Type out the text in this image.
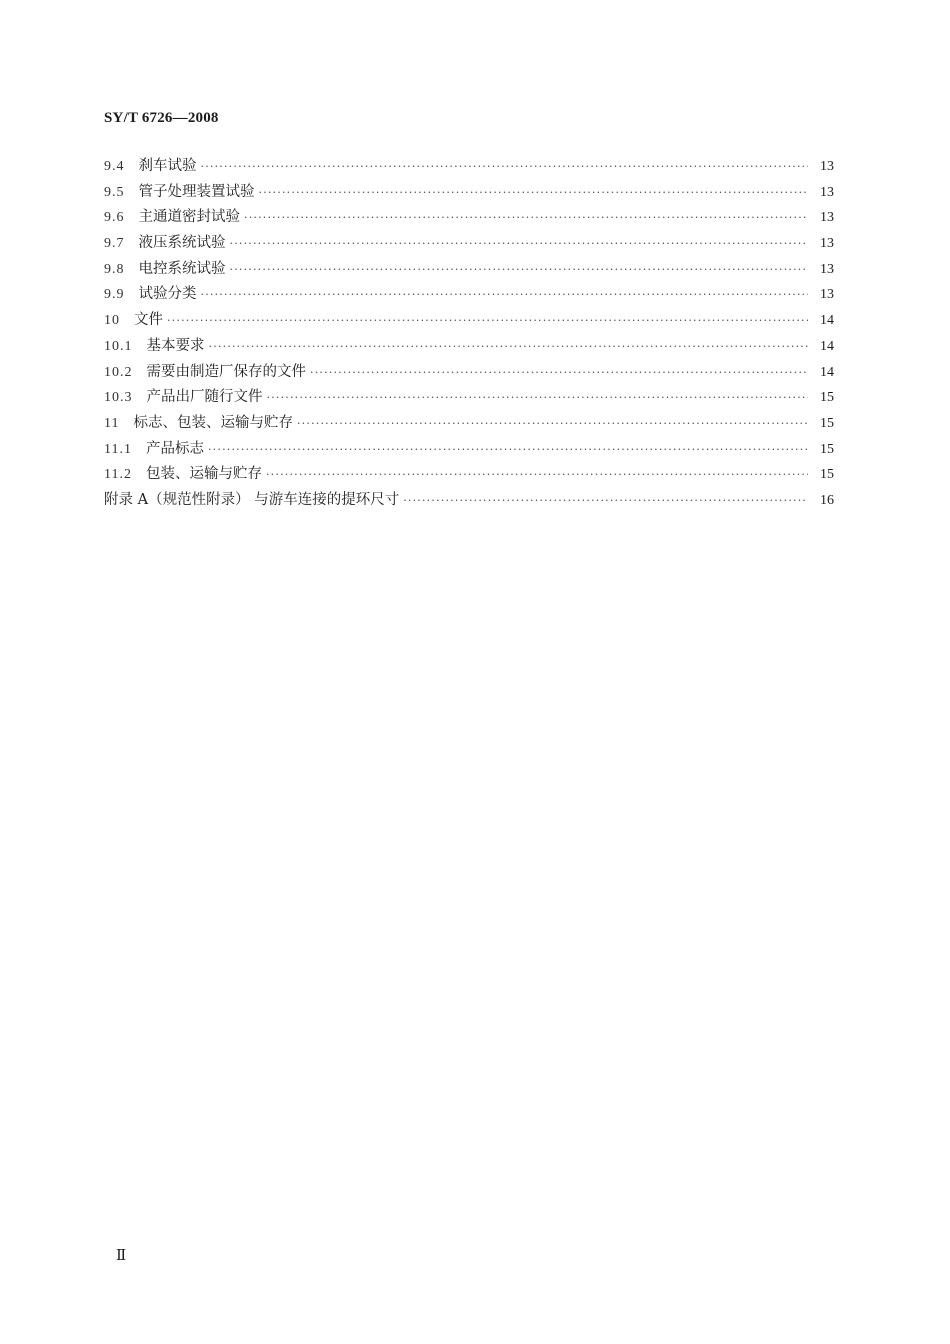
SY/T 6726—2008
9.4 刹车试验 ·····	13
9.5 管子处理装置试验 ·····	13
9.6 主通道密封试验 ·····	13
9.7 液压系统试验 ·····	13
9.8 电控系统试验 ·····	13
9.9 试验分类 ·····	13
10 文件 ·····	14
10.1 基本要求 ·····	14
10.2 需要由制造厂保存的文件 ·····	14
10.3 产品出厂随行文件 ·····	15
11 标志、包装、运输与贮存 ·····	15
11.1 产品标志 ·····	15
11.2 包装、运输与贮存 ·····	15
附录 A（规范性附录） 与游车连接的提环尺寸 ·····	16
Ⅱ
